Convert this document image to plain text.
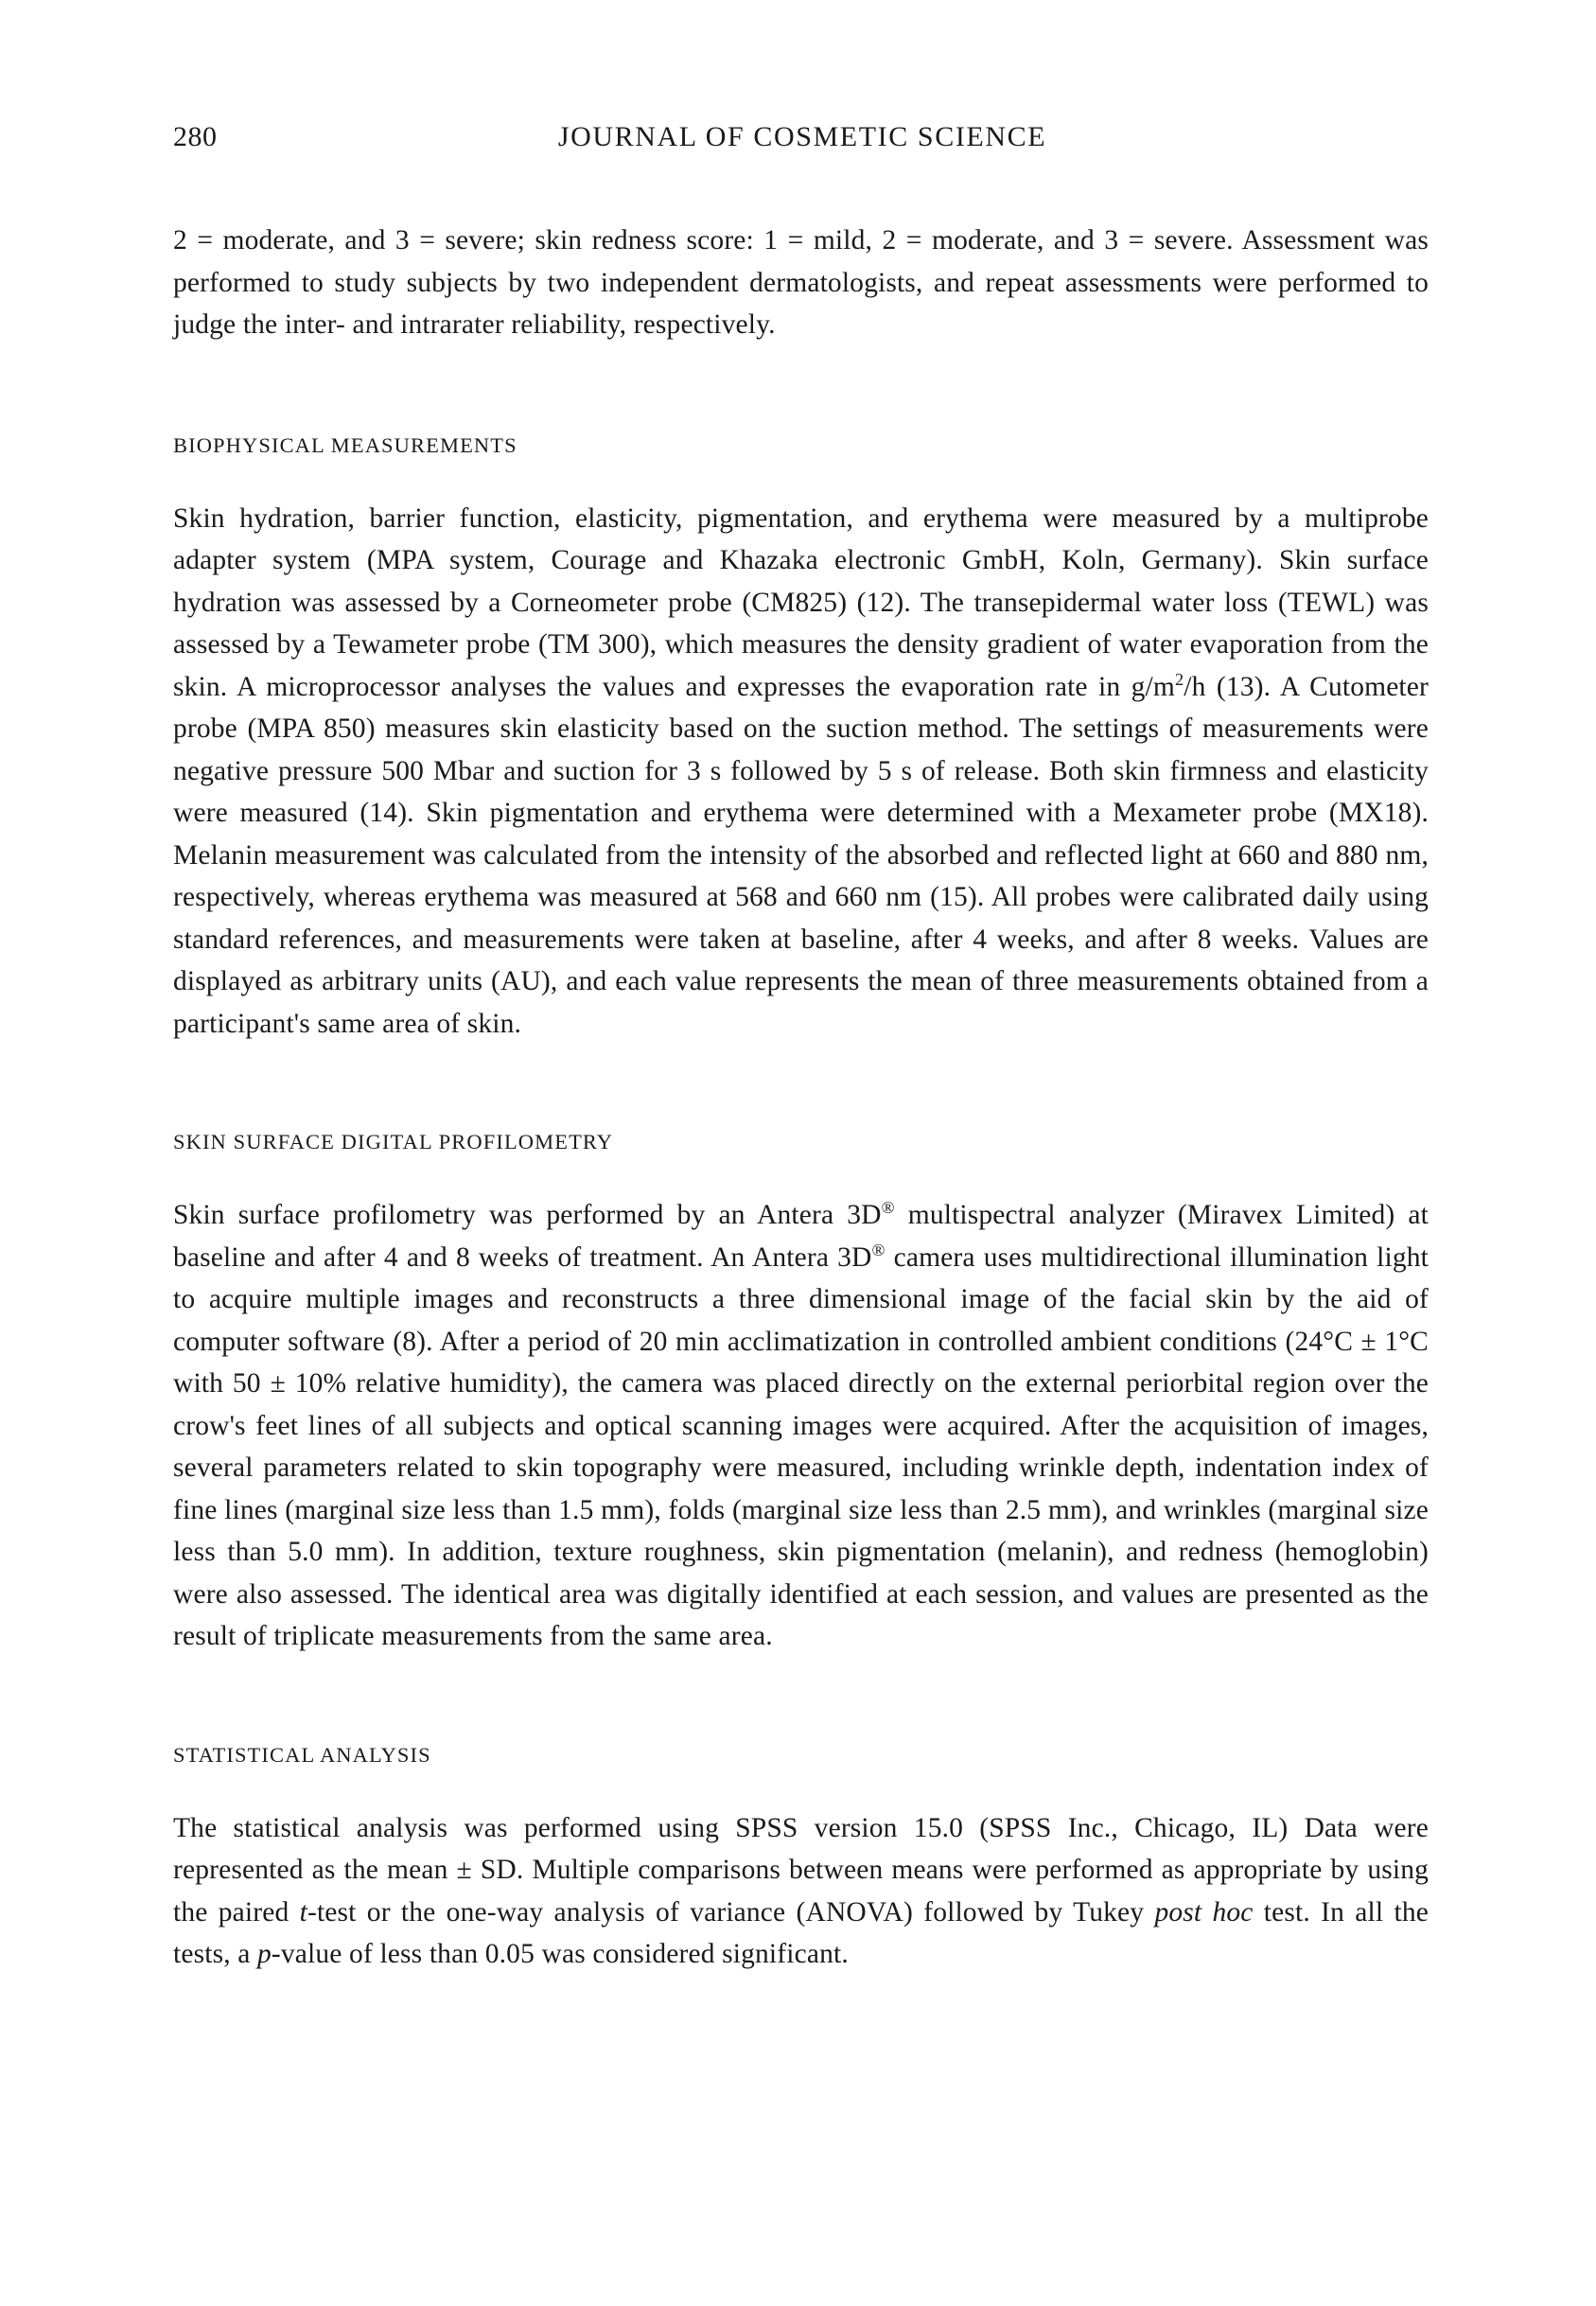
280	JOURNAL OF COSMETIC SCIENCE

2 = moderate, and 3 = severe; skin redness score: 1 = mild, 2 = moderate, and 3 = severe. Assessment was performed to study subjects by two independent dermatologists, and repeat assessments were performed to judge the inter- and intrarater reliability, respectively.

BIOPHYSICAL MEASUREMENTS

Skin hydration, barrier function, elasticity, pigmentation, and erythema were measured by a multiprobe adapter system (MPA system, Courage and Khazaka electronic GmbH, Koln, Germany). Skin surface hydration was assessed by a Corneometer probe (CM825) (12). The transepidermal water loss (TEWL) was assessed by a Tewameter probe (TM 300), which measures the density gradient of water evaporation from the skin. A microprocessor analyses the values and expresses the evaporation rate in $g/m^2/h$ (13). A Cutometer probe (MPA 850) measures skin elasticity based on the suction method. The settings of measurements were negative pressure 500 Mbar and suction for 3 s followed by 5 s of release. Both skin firmness and elasticity were measured (14). Skin pigmentation and erythema were determined with a Mexameter probe (MX18). Melanin measurement was calculated from the intensity of the absorbed and reflected light at 660 and 880 nm, respectively, whereas erythema was measured at 568 and 660 nm (15). All probes were calibrated daily using standard references, and measurements were taken at baseline, after 4 weeks, and after 8 weeks. Values are displayed as arbitrary units (AU), and each value represents the mean of three measurements obtained from a participant's same area of skin.

SKIN SURFACE DIGITAL PROFILOMETRY

Skin surface profilometry was performed by an Antera 3D® multispectral analyzer (Miravex Limited) at baseline and after 4 and 8 weeks of treatment. An Antera 3D® camera uses multidirectional illumination light to acquire multiple images and reconstructs a three dimensional image of the facial skin by the aid of computer software (8). After a period of 20 min acclimatization in controlled ambient conditions (24°C ± 1°C with 50 ± 10% relative humidity), the camera was placed directly on the external periorbital region over the crow's feet lines of all subjects and optical scanning images were acquired. After the acquisition of images, several parameters related to skin topography were measured, including wrinkle depth, indentation index of fine lines (marginal size less than 1.5 mm), folds (marginal size less than 2.5 mm), and wrinkles (marginal size less than 5.0 mm). In addition, texture roughness, skin pigmentation (melanin), and redness (hemoglobin) were also assessed. The identical area was digitally identified at each session, and values are presented as the result of triplicate measurements from the same area.

STATISTICAL ANALYSIS

The statistical analysis was performed using SPSS version 15.0 (SPSS Inc., Chicago, IL) Data were represented as the mean ± SD. Multiple comparisons between means were performed as appropriate by using the paired t-test or the one-way analysis of variance (ANOVA) followed by Tukey post hoc test. In all the tests, a p-value of less than 0.05 was considered significant.
